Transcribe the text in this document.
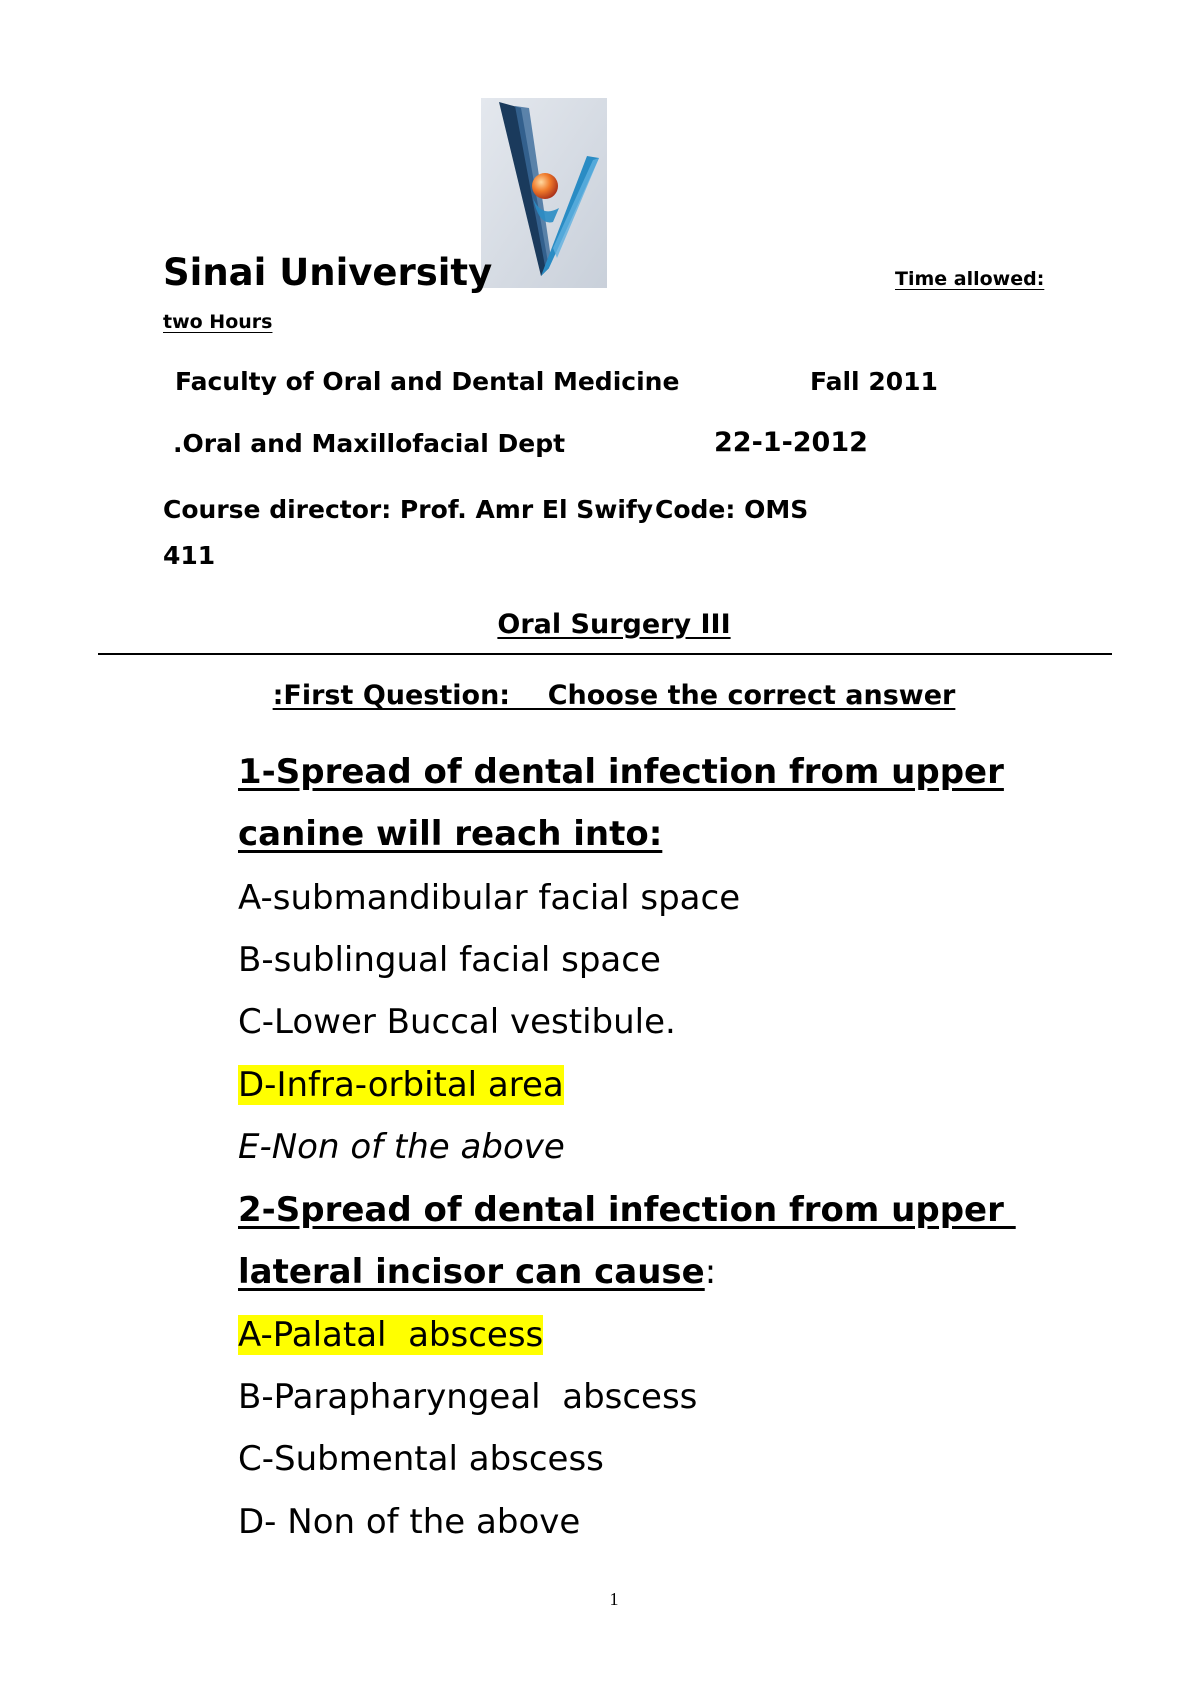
Sinai University	Time allowed:
two Hours
Faculty of Oral and Dental Medicine	Fall 2011
.Oral and Maxillofacial Dept	22-1-2012
Course director: Prof. Amr El Swify Code: OMS
411
Oral Surgery III
:First Question:    Choose the correct answer
1-Spread of dental infection from upper
canine will reach into:
A-submandibular facial space
B-sublingual facial space
C-Lower Buccal vestibule.
D-Infra-orbital area
E-Non of the above
2-Spread of dental infection from upper
lateral incisor can cause:
A-Palatal  abscess
B-Parapharyngeal  abscess
C-Submental abscess
D- Non of the above
1
